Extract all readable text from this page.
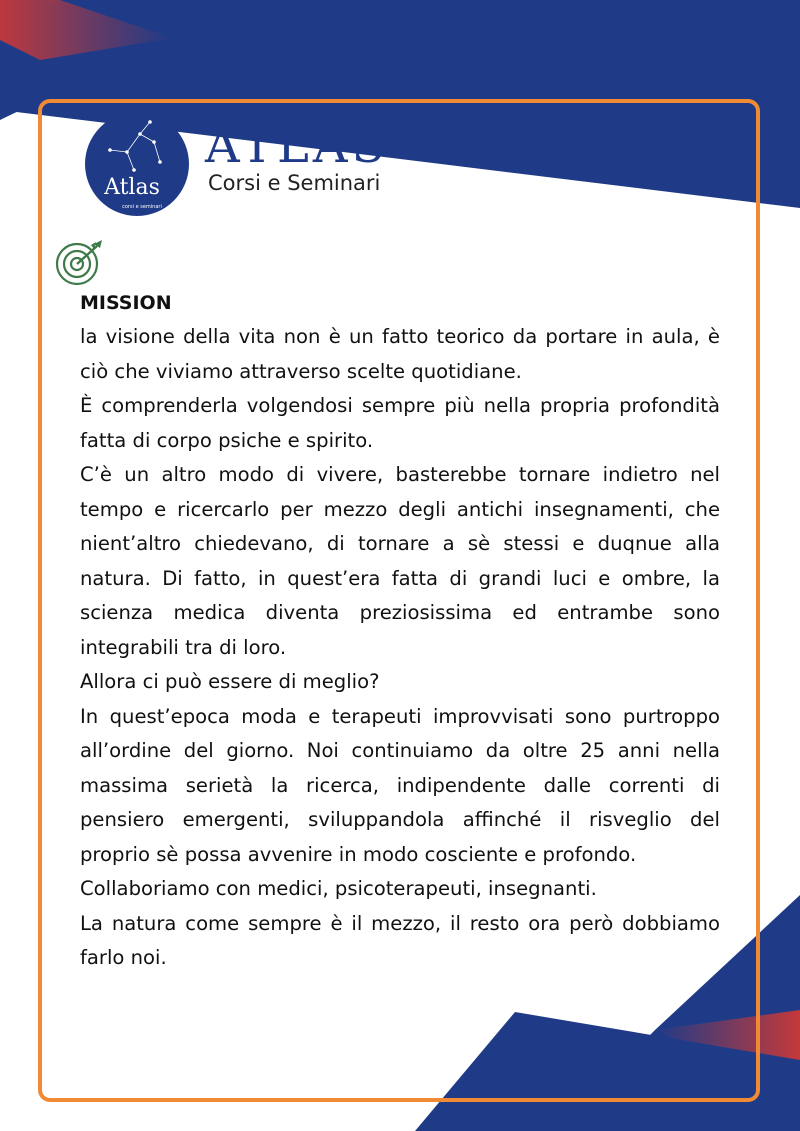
Atlas
corsi e seminari
ATLAS
Corsi e Seminari
MISSION

la visione della vita non è un fatto teorico da portare in aula, è ciò che viviamo attraverso scelte quotidiane.

È comprenderla volgendosi sempre più nella propria profondità fatta di corpo psiche e spirito.

C’è un altro modo di vivere, basterebbe tornare indietro nel tempo e ricercarlo per mezzo degli antichi insegnamenti, che nient’altro chiedevano, di tornare a sè stessi e duqnue alla natura. Di fatto, in quest’era fatta di grandi luci e ombre, la scienza medica diventa preziosissima ed entrambe sono integrabili tra di loro.

Allora ci può essere di meglio?

In quest’epoca moda e terapeuti improvvisati sono purtroppo all’ordine del giorno. Noi continuiamo da oltre 25 anni nella massima serietà la ricerca, indipendente dalle correnti di pensiero emergenti, sviluppandola affinché il risveglio del proprio sè possa avvenire in modo cosciente e profondo.

Collaboriamo con medici, psicoterapeuti, insegnanti.

La natura come sempre è il mezzo, il resto ora però dobbiamo farlo noi.
